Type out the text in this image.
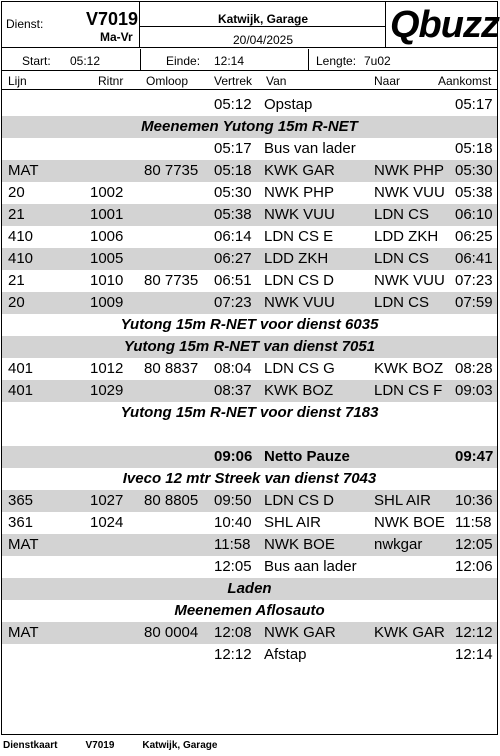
Dienst: V7019
Ma-Vr
Katwijk, Garage
20/04/2025	Qbuzz
Start: 05:12	Einde: 12:14	Lengte: 7u02
Lijn	Ritnr Omloop Vertrek Van	Naar	Aankomst
05:12 Opstap	05:17
Meenemen Yutong 15m R-NET
05:17 Bus van lader	05:18
MAT	80 7735 05:18 KWK GAR	NWK PHP 05:30
20	1002	05:30 NWK PHP	NWK VUU 05:38
21	1001	05:38 NWK VUU	LDN CS 06:10
410	1006	06:14 LDN CS E	LDD ZKH 06:25
410	1005	06:27 LDD ZKH	LDN CS 06:41
21	1010 80 7735 06:51 LDN CS D	NWK VUU 07:23
20	1009	07:23 NWK VUU	LDN CS 07:59
Yutong 15m R-NET voor dienst 6035
Yutong 15m R-NET van dienst 7051
401	1012 80 8837 08:04 LDN CS G	KWK BOZ 08:28
401	1029	08:37 KWK BOZ	LDN CS F 09:03
Yutong 15m R-NET voor dienst 7183
09:06 Netto Pauze	09:47
Iveco 12 mtr Streek van dienst 7043
365	1027 80 8805 09:50 LDN CS D	SHL AIR 10:36
361	1024	10:40 SHL AIR	NWK BOE 11:58
MAT	11:58 NWK BOE	nwkgar 12:05
12:05 Bus aan lader	12:06
Laden
Meenemen Aflosauto
MAT	80 0004 12:08 NWK GAR	KWK GAR 12:12
12:12 Afstap	12:14
Dienstkaart	V7019	Katwijk, Garage
